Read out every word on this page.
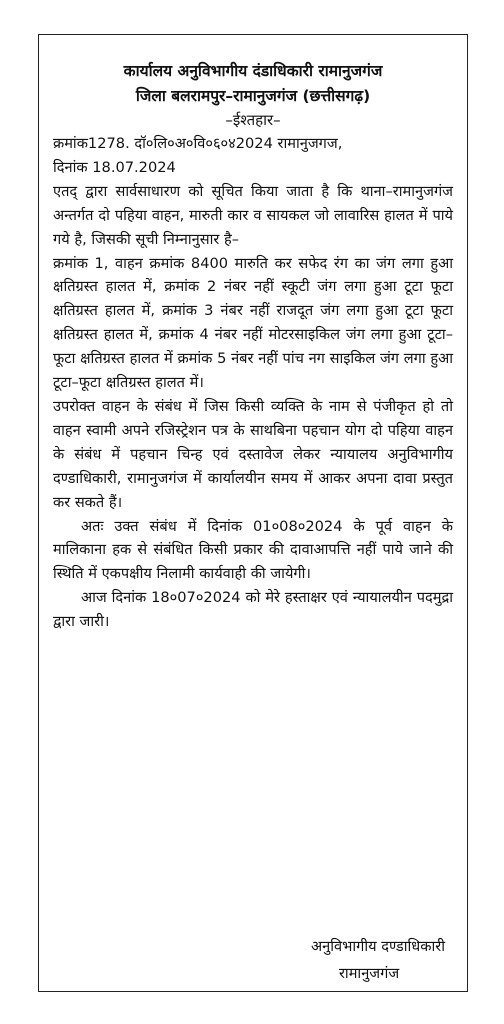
कार्यालय अनुविभागीय दंडाधिकारी रामानुजगंज
जिला बलरामपुर–रामानुजगंज (छत्तीसगढ़)
–ईश्तहार–

क्रमांक1278. दॉ०लि०अ०वि०६०४2024 रामानुजगज,

दिनांक 18.07.2024

एतद् द्वारा सार्वसाधारण को सूचित किया जाता है कि थाना–रामानुजगंज अन्तर्गत दो पहिया वाहन, मारुती कार व सायकल जो लावारिस हालत में पाये गये है, जिसकी सूची निम्नानुसार है–

क्रमांक 1, वाहन क्रमांक 8400 मारुति कर सफेद रंग का जंग लगा हुआ क्षतिग्रस्त हालत में, क्रमांक 2 नंबर नहीं स्कूटी जंग लगा हुआ टूटा फूटा क्षतिग्रस्त हालत में, क्रमांक 3 नंबर नहीं राजदूत जंग लगा हुआ टूटा फूटा क्षतिग्रस्त हालत में, क्रमांक 4 नंबर नहीं मोटरसाइकिल जंग लगा हुआ टूटा–फूटा क्षतिग्रस्त हालत में क्रमांक 5 नंबर नहीं पांच नग साइकिल जंग लगा हुआ टूटा–फूटा क्षतिग्रस्त हालत में।

उपरोक्त वाहन के संबंध में जिस किसी व्यक्ति के नाम से पंजीकृत हो तो वाहन स्वामी अपने रजिस्ट्रेशन पत्र के साथ‍बिना पहचान योग दो पहिया वाहन के संबंध में पहचान चिन्ह एवं दस्तावेज लेकर न्यायालय अनुविभागीय दण्डाधिकारी, रामानुजगंज में कार्यालयीन समय में आकर अपना दावा प्रस्तुत कर सकते हैं।

अतः उक्त संबंध में दिनांक 01०08०2024 के पूर्व वाहन के मालिकाना हक से संबंधित किसी प्रकार की दावा‍आपत्ति नहीं पाये जाने की स्थिति में एकपक्षीय‍ निलामी कार्यवाही की जायेगी।

आज दिनांक 18०07०2024 को मेरे हस्ताक्षर एवं न्यायालयीन पदमुद्रा द्वारा जारी।

अनुविभागीय दण्डाधिकारी
रामानुजगंज
